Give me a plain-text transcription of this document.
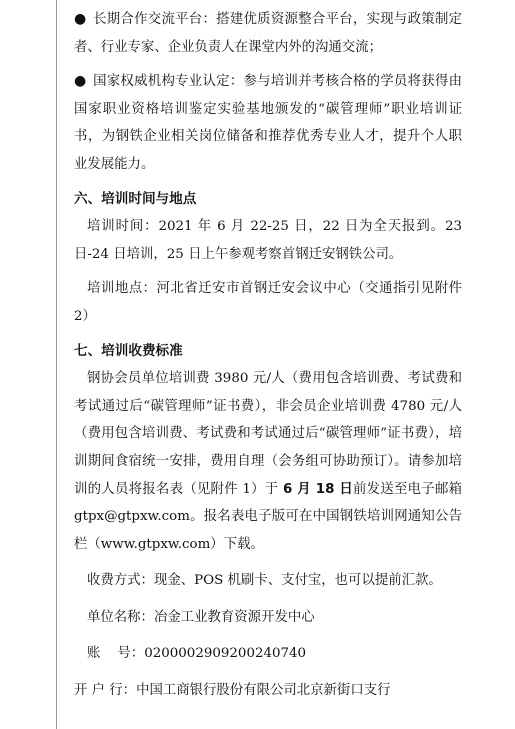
● 长期合作交流平台：搭建优质资源整合平台，实现与政策制定者、行业专家、企业负责人在课堂内外的沟通交流；

● 国家权威机构专业认定：参与培训并考核合格的学员将获得由国家职业资格培训鉴定实验基地颁发的“碳管理师”职业培训证书，为钢铁企业相关岗位储备和推荐优秀专业人才，提升个人职业发展能力。

六、培训时间与地点

培训时间：2021 年 6 月 22-25 日，22 日为全天报到。23 日-24 日培训，25 日上午参观考察首钢迁安钢铁公司。

培训地点：河北省迁安市首钢迁安会议中心（交通指引见附件 2）

七、培训收费标准

钢协会员单位培训费 3980 元/人（费用包含培训费、考试费和考试通过后“碳管理师”证书费），非会员企业培训费 4780 元/人（费用包含培训费、考试费和考试通过后“碳管理师”证书费），培训期间食宿统一安排，费用自理（会务组可协助预订）。请参加培训的人员将报名表（见附件 1）于 6 月 18 日前发送至电子邮箱 gtpx@gtpxw.com。报名表电子版可在中国钢铁培训网通知公告栏（www.gtpxw.com）下载。

收费方式：现金、POS 机刷卡、支付宝，也可以提前汇款。

单位名称：冶金工业教育资源开发中心

账    号：0200002909200240740

开 户 行：中国工商银行股份有限公司北京新街口支行
